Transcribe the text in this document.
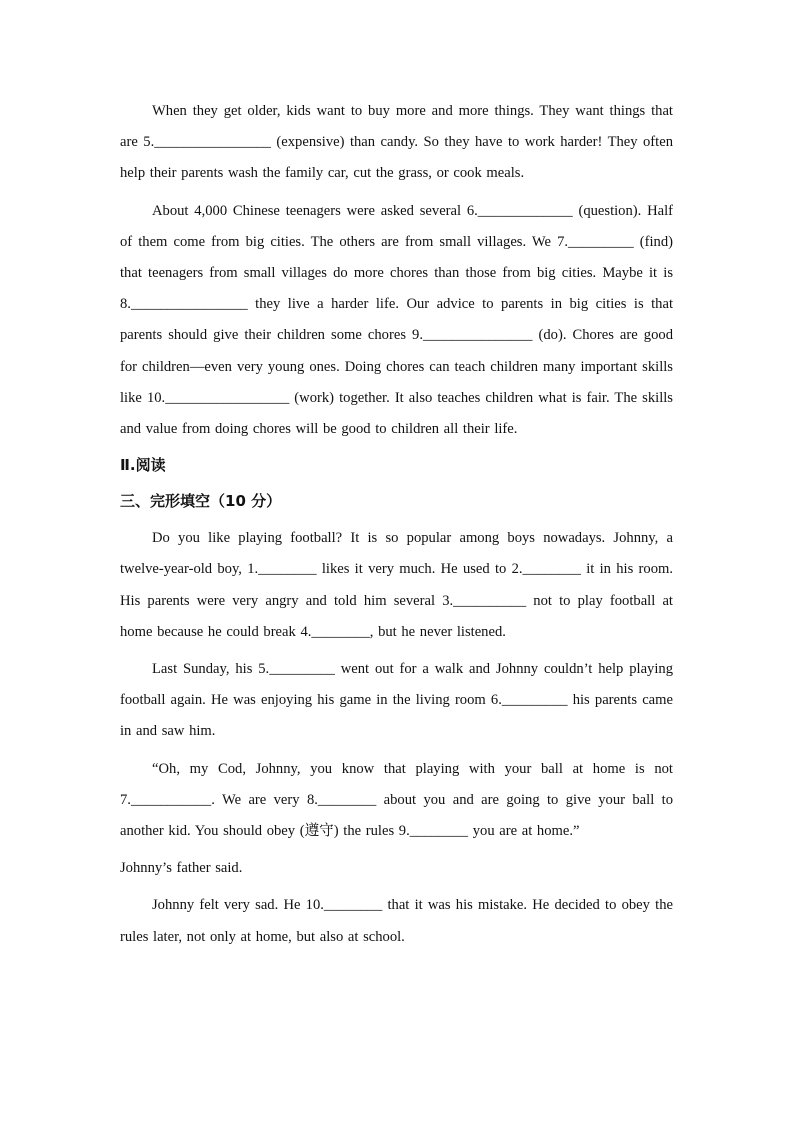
When they get older, kids want to buy more and more things. They want things that are 5.________________ (expensive) than candy. So they have to work harder! They often help their parents wash the family car, cut the grass, or cook meals.

About 4,000 Chinese teenagers were asked several 6._____________ (question). Half of them come from big cities. The others are from small villages. We 7._________ (find) that teenagers from small villages do more chores than those from big cities. Maybe it is 8.________________ they live a harder life. Our advice to parents in big cities is that parents should give their children some chores 9._______________ (do). Chores are good for children—even very young ones. Doing chores can teach children many important skills like 10._________________ (work) together. It also teaches children what is fair. The skills and value from doing chores will be good to children all their life.

Ⅱ.阅读
三、完形填空（10 分）

Do you like playing football? It is so popular among boys nowadays. Johnny, a twelve-year-old boy, 1.________ likes it very much. He used to 2.________ it in his room. His parents were very angry and told him several 3.__________ not to play football at home because he could break 4.________, but he never listened.

Last Sunday, his 5._________ went out for a walk and Johnny couldn’t help playing football again. He was enjoying his game in the living room 6._________ his parents came in and saw him.

“Oh, my Cod, Johnny, you know that playing with your ball at home is not 7.___________. We are very 8.________ about you and are going to give your ball to another kid. You should obey (遵守) the rules 9.________ you are at home.”

Johnny’s father said.

Johnny felt very sad. He 10.________ that it was his mistake. He decided to obey the rules later, not only at home, but also at school.
